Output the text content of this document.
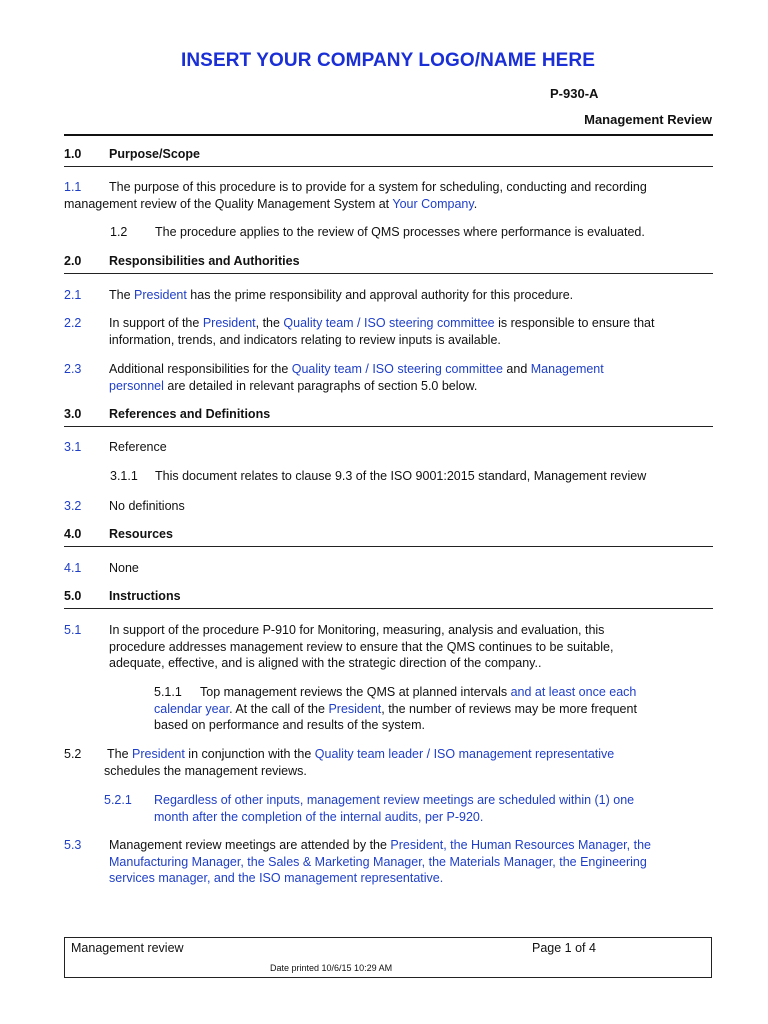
INSERT YOUR COMPANY LOGO/NAME HERE
P-930-A
Management Review
1.0 Purpose/Scope
1.1 The purpose of this procedure is to provide for a system for scheduling, conducting and recording
management review of the Quality Management System at Your Company.
1.2 The procedure applies to the review of QMS processes where performance is evaluated.
2.0 Responsibilities and Authorities
2.1 The President has the prime responsibility and approval authority for this procedure.
2.2 In support of the President, the Quality team / ISO steering committee is responsible to ensure that
information, trends, and indicators relating to review inputs is available.
2.3 Additional responsibilities for the Quality team / ISO steering committee and Management
personnel are detailed in relevant paragraphs of section 5.0 below.
3.0 References and Definitions
3.1 Reference
3.1.1 This document relates to clause 9.3 of the ISO 9001:2015 standard, Management review
3.2 No definitions
4.0 Resources
4.1 None
5.0 Instructions
5.1 In support of the procedure P-910 for Monitoring, measuring, analysis and evaluation, this
procedure addresses management review to ensure that the QMS continues to be suitable,
adequate, effective, and is aligned with the strategic direction of the company..
5.1.1 Top management reviews the QMS at planned intervals and at least once each
calendar year. At the call of the President, the number of reviews may be more frequent
based on performance and results of the system.
5.2 The President in conjunction with the Quality team leader / ISO management representative
schedules the management reviews.
5.2.1 Regardless of other inputs, management review meetings are scheduled within (1) one
month after the completion of the internal audits, per P-920.
5.3 Management review meetings are attended by the President, the Human Resources Manager, the
Manufacturing Manager, the Sales & Marketing Manager, the Materials Manager, the Engineering
services manager, and the ISO management representative.
Management review	Page 1 of 4
Date printed 10/6/15 10:29 AM
